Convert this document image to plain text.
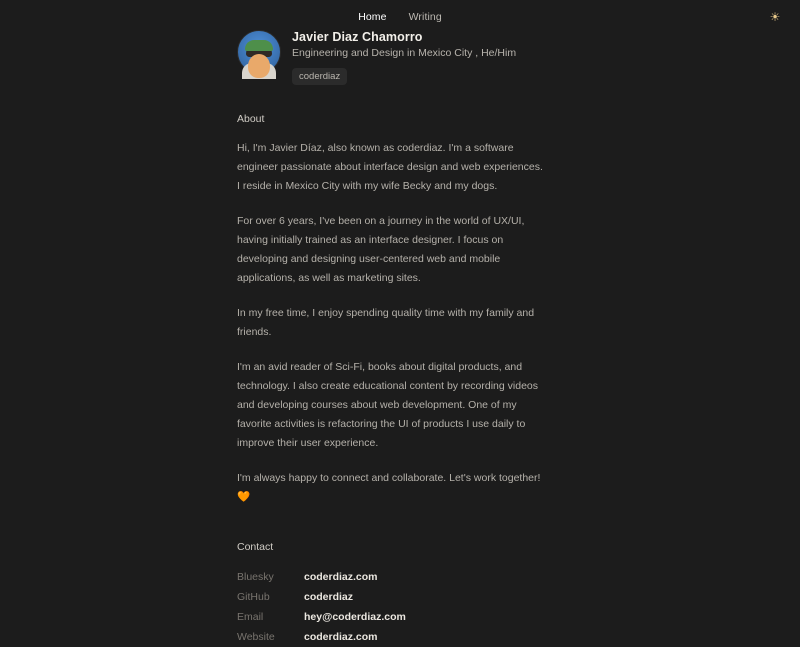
Home Writing	☀
Javier Diaz Chamorro
Engineering and Design in Mexico City , He/Him
coderdiaz
About

Hi, I'm Javier Díaz, also known as coderdiaz. I'm a software engineer passionate about interface design and web experiences. I reside in Mexico City with my wife Becky and my dogs.

For over 6 years, I've been on a journey in the world of UX/UI, having initially trained as an interface designer. I focus on developing and designing user-centered web and mobile applications, as well as marketing sites.

In my free time, I enjoy spending quality time with my family and friends.

I'm an avid reader of Sci-Fi, books about digital products, and technology. I also create educational content by recording videos and developing courses about web development. One of my favorite activities is refactoring the UI of products I use daily to improve their user experience.

I'm always happy to connect and collaborate. Let's work together! 🧡

Contact
Bluesky	coderdiaz.com
GitHub	coderdiaz
Email	hey@coderdiaz.com
Website	coderdiaz.com
